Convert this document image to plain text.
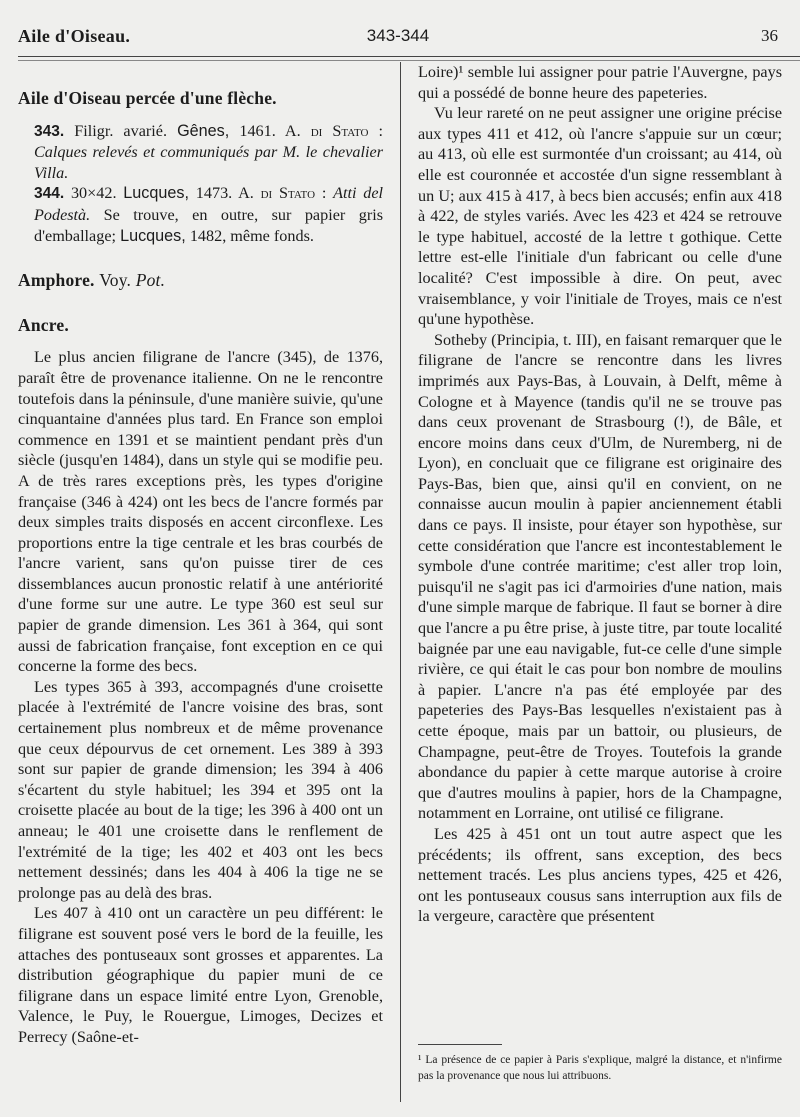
Aile d'Oiseau.	343-344	36
Aile d'Oiseau percée d'une flèche.

343. Filigr. avarié. Gênes, 1461. A. di Stato : Calques relevés et communiqués par M. le chevalier Villa.

344. 30×42. Lucques, 1473. A. di Stato : Atti del Podestà. Se trouve, en outre, sur papier gris d'emballage; Lucques, 1482, même fonds.

Amphore. Voy. Pot.
Ancre.

Le plus ancien filigrane de l'ancre (345), de 1376, paraît être de provenance italienne. On ne le rencontre toutefois dans la péninsule, d'une manière suivie, qu'une cinquantaine d'années plus tard. En France son emploi commence en 1391 et se maintient pendant près d'un siècle (jusqu'en 1484), dans un style qui se modifie peu. A de très rares exceptions près, les types d'origine française (346 à 424) ont les becs de l'ancre formés par deux simples traits disposés en accent circonflexe. Les proportions entre la tige centrale et les bras courbés de l'ancre varient, sans qu'on puisse tirer de ces dissemblances aucun pronostic relatif à une antériorité d'une forme sur une autre. Le type 360 est seul sur papier de grande dimension. Les 361 à 364, qui sont aussi de fabrication française, font exception en ce qui concerne la forme des becs.

Les types 365 à 393, accompagnés d'une croisette placée à l'extrémité de l'ancre voisine des bras, sont certainement plus nombreux et de même provenance que ceux dépourvus de cet ornement. Les 389 à 393 sont sur papier de grande dimension; les 394 à 406 s'écartent du style habituel; les 394 et 395 ont la croisette placée au bout de la tige; les 396 à 400 ont un anneau; le 401 une croisette dans le renflement de l'extrémité de la tige; les 402 et 403 ont les becs nettement dessinés; dans les 404 à 406 la tige ne se prolonge pas au delà des bras.

Les 407 à 410 ont un caractère un peu différent: le filigrane est souvent posé vers le bord de la feuille, les attaches des pontuseaux sont grosses et apparentes. La distribution géographique du papier muni de ce filigrane dans un espace limité entre Lyon, Grenoble, Valence, le Puy, le Rouergue, Limoges, Decizes et Perrecy (Saône-et-

Loire)¹ semble lui assigner pour patrie l'Auvergne, pays qui a possédé de bonne heure des papeteries.

Vu leur rareté on ne peut assigner une origine précise aux types 411 et 412, où l'ancre s'appuie sur un cœur; au 413, où elle est surmontée d'un croissant; au 414, où elle est couronnée et accostée d'un signe ressemblant à un U; aux 415 à 417, à becs bien accusés; enfin aux 418 à 422, de styles variés. Avec les 423 et 424 se retrouve le type habituel, accosté de la lettre t gothique. Cette lettre est-elle l'initiale d'un fabricant ou celle d'une localité? C'est impossible à dire. On peut, avec vraisemblance, y voir l'initiale de Troyes, mais ce n'est qu'une hypothèse.

Sotheby (Principia, t. III), en faisant remarquer que le filigrane de l'ancre se rencontre dans les livres imprimés aux Pays-Bas, à Louvain, à Delft, même à Cologne et à Mayence (tandis qu'il ne se trouve pas dans ceux provenant de Strasbourg (!), de Bâle, et encore moins dans ceux d'Ulm, de Nuremberg, ni de Lyon), en concluait que ce filigrane est originaire des Pays-Bas, bien que, ainsi qu'il en convient, on ne connaisse aucun moulin à papier anciennement établi dans ce pays. Il insiste, pour étayer son hypothèse, sur cette considération que l'ancre est incontestablement le symbole d'une contrée maritime; c'est aller trop loin, puisqu'il ne s'agit pas ici d'armoiries d'une nation, mais d'une simple marque de fabrique. Il faut se borner à dire que l'ancre a pu être prise, à juste titre, par toute localité baignée par une eau navigable, fut-ce celle d'une simple rivière, ce qui était le cas pour bon nombre de moulins à papier. L'ancre n'a pas été employée par des papeteries des Pays-Bas lesquelles n'existaient pas à cette époque, mais par un battoir, ou plusieurs, de Champagne, peut-être de Troyes. Toutefois la grande abondance du papier à cette marque autorise à croire que d'autres moulins à papier, hors de la Champagne, notamment en Lorraine, ont utilisé ce filigrane.

Les 425 à 451 ont un tout autre aspect que les précédents; ils offrent, sans exception, des becs nettement tracés. Les plus anciens types, 425 et 426, ont les pontuseaux cousus sans interruption aux fils de la vergeure, caractère que présentent

¹ La présence de ce papier à Paris s'explique, malgré la distance, et n'infirme pas la provenance que nous lui attribuons.
